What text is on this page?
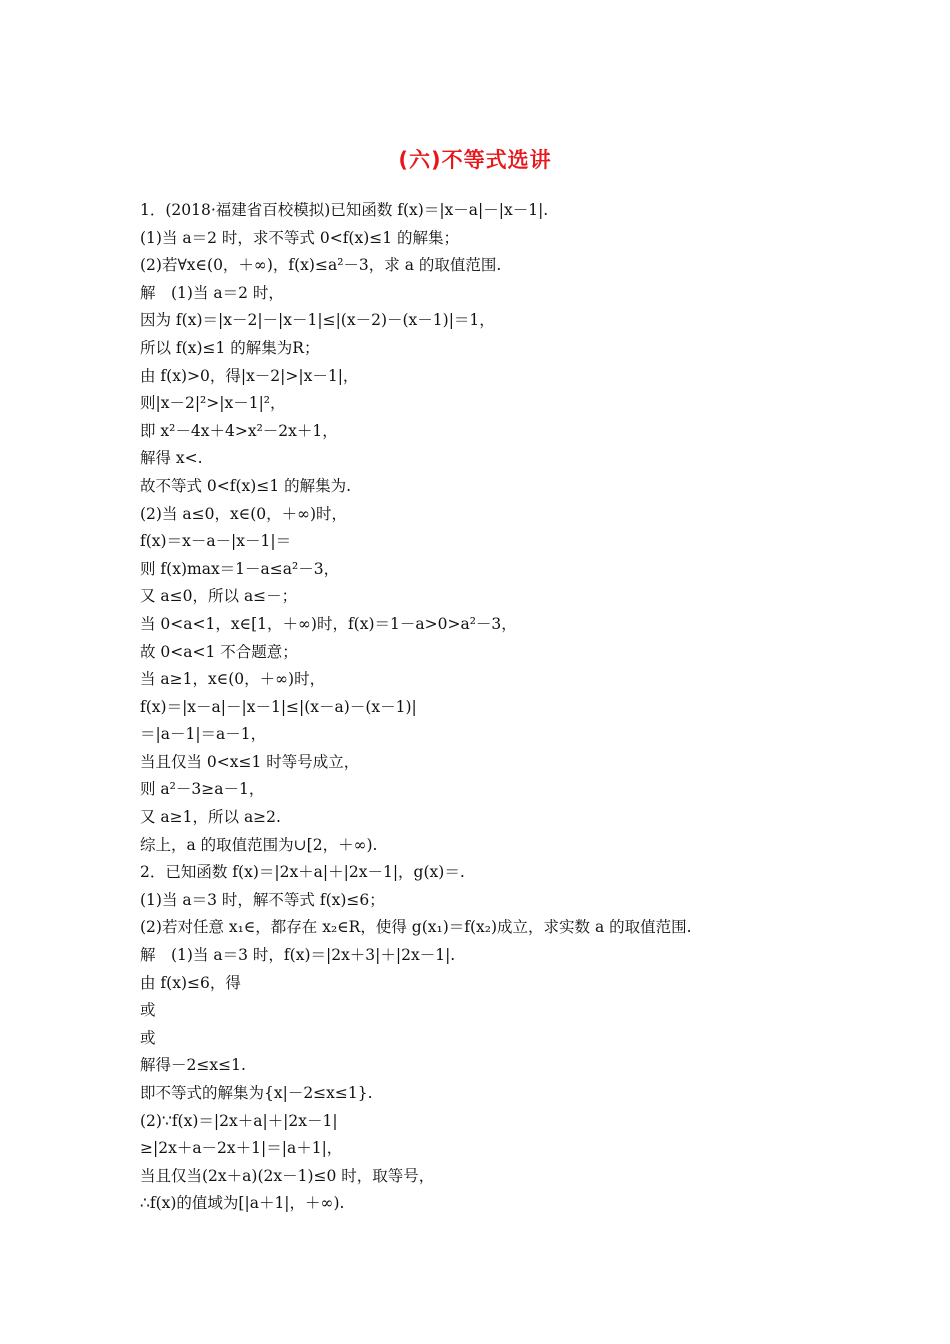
(六)不等式选讲
1．(2018·福建省百校模拟)已知函数 f(x)＝|x－a|－|x－1|.
(1)当 a＝2 时，求不等式 0<f(x)≤1 的解集；
(2)若∀x∈(0，＋∞)，f(x)≤a²－3，求 a 的取值范围.
解　(1)当 a＝2 时，
因为 f(x)＝|x－2|－|x－1|≤|(x－2)－(x－1)|＝1，
所以 f(x)≤1 的解集为R；
由 f(x)>0，得|x－2|>|x－1|，
则|x－2|²>|x－1|²，
即 x²－4x＋4>x²－2x＋1，
解得 x<.
故不等式 0<f(x)≤1 的解集为.
(2)当 a≤0，x∈(0，＋∞)时，
f(x)＝x－a－|x－1|＝
则 f(x)max＝1－a≤a²－3，
又 a≤0，所以 a≤－；
当 0<a<1，x∈[1，＋∞)时，f(x)＝1－a>0>a²－3，
故 0<a<1 不合题意；
当 a≥1，x∈(0，＋∞)时，
f(x)＝|x－a|－|x－1|≤|(x－a)－(x－1)|
＝|a－1|＝a－1，
当且仅当 0<x≤1 时等号成立，
则 a²－3≥a－1，
又 a≥1，所以 a≥2.
综上，a 的取值范围为∪[2，＋∞).
2．已知函数 f(x)＝|2x＋a|＋|2x－1|，g(x)＝.
(1)当 a＝3 时，解不等式 f(x)≤6；
(2)若对任意 x₁∈，都存在 x₂∈R，使得 g(x₁)＝f(x₂)成立，求实数 a 的取值范围.
解　(1)当 a＝3 时，f(x)＝|2x＋3|＋|2x－1|.
由 f(x)≤6，得
或
或
解得－2≤x≤1.
即不等式的解集为{x|－2≤x≤1}.
(2)∵f(x)＝|2x＋a|＋|2x－1|
≥|2x＋a－2x＋1|＝|a＋1|，
当且仅当(2x＋a)(2x－1)≤0 时，取等号，
∴f(x)的值域为[|a＋1|，＋∞).
